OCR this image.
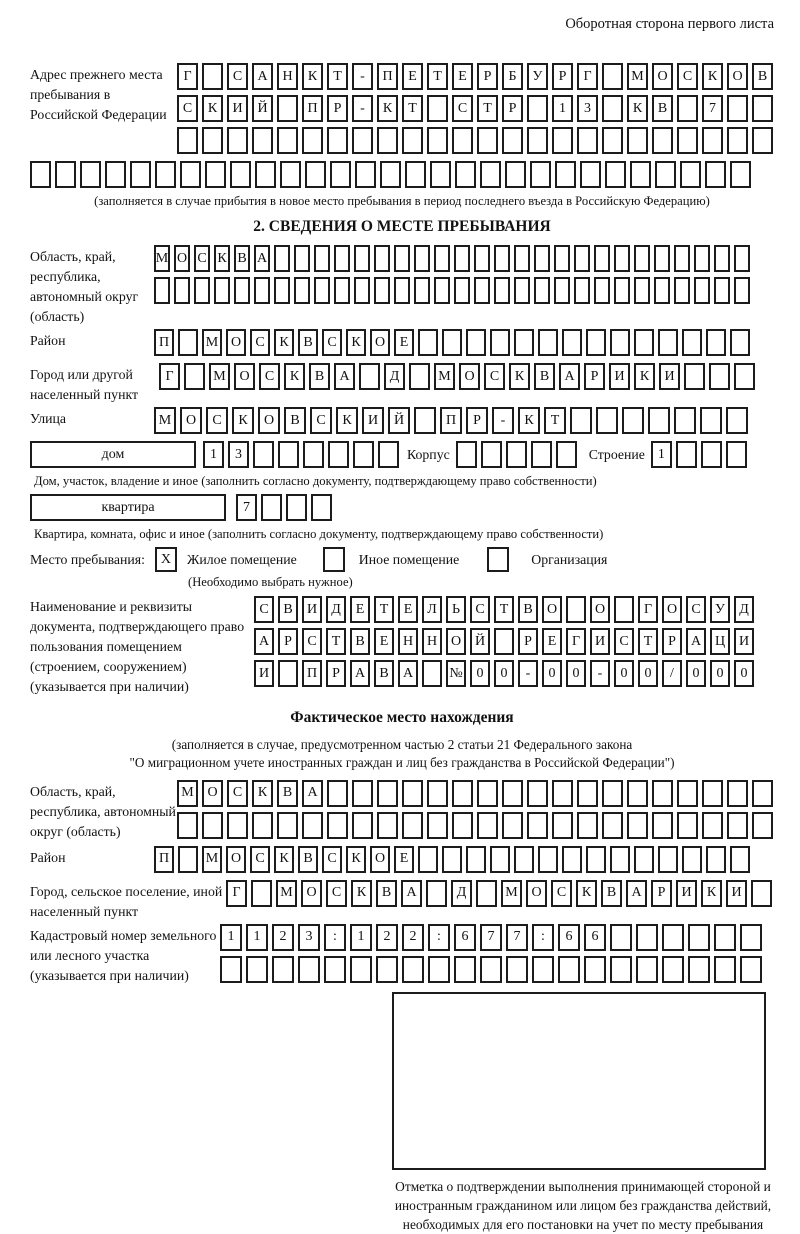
Оборотная сторона первого листа
Адрес прежнего места пребывания в Российской Федерации
Г	С	А	Н	К	Т	-	П	Е	Т	Е	Р	Б	У	Р	Г	М О	С	К	О	В
С	К	И	Й	П	Р	-	К	Т	С	Т	Р	1	3	К	В	7
(заполняется в случае прибытия в новое место пребывания в период последнего въезда в Российскую Федерацию)
2. СВЕДЕНИЯ О МЕСТЕ ПРЕБЫВАНИЯ
Область, край, республика, автономный округ (область)
М О С К В А
Район	П	М О	С	К	В	С	К	О	Е
Город или другой населенный пункт
Г	М О	С	К	В	А	Д	М О	С	К	В	А	Р	И	К	И
Улица	М	О	С	К	О	В	С	К	И	Й	П	Р	-	К	Т
дом	1	3	Корпус	Строение 1
Дом, участок, владение и иное (заполнить согласно документу, подтверждающему право собственности)
квартира	7
Квартира, комната, офис и иное (заполнить согласно документу, подтверждающему право собственности)
Место пребывания:	X	Жилое помещение	Иное помещение	Организация
(Необходимо выбрать нужное)
Наименование и реквизиты документа, подтверждающего право пользования помещением (строением, сооружением) (указывается при наличии)
С	В	И	Д	Е	Т	Е	Л	Ь	С	Т	В	О	О	Г	О	С	У	Д
А	Р	С	Т	В	Е	Н Н О Й	Р	Е	Г	И	С	Т	Р	А Ц И
И	П	Р	А	В	А	№ 0	0	-	0	0	-	0	0	/	0	0	0
Фактическое место нахождения
(заполняется в случае, предусмотренном частью 2 статьи 21 Федерального закона
"О миграционном учете иностранных граждан и лиц без гражданства в Российской Федерации")
Область, край, республика, автономный округ (область)
М О	С	К	В	А
Район	П	М О	С	К	В	С	К	О	Е
Город, сельское поселение, иной населенный пункт
Г	М О	С	К	В	А	Д	М О	С	К	В	А	Р	И	К	И
Кадастровый номер земельного или лесного участка (указывается при наличии)
1	1	2	3	:	1	2	2	:	6	7	7	:	6	6
Отметка о подтверждении выполнения принимающей стороной и иностранным гражданином или лицом без гражданства действий, необходимых для его постановки на учет по месту пребывания
